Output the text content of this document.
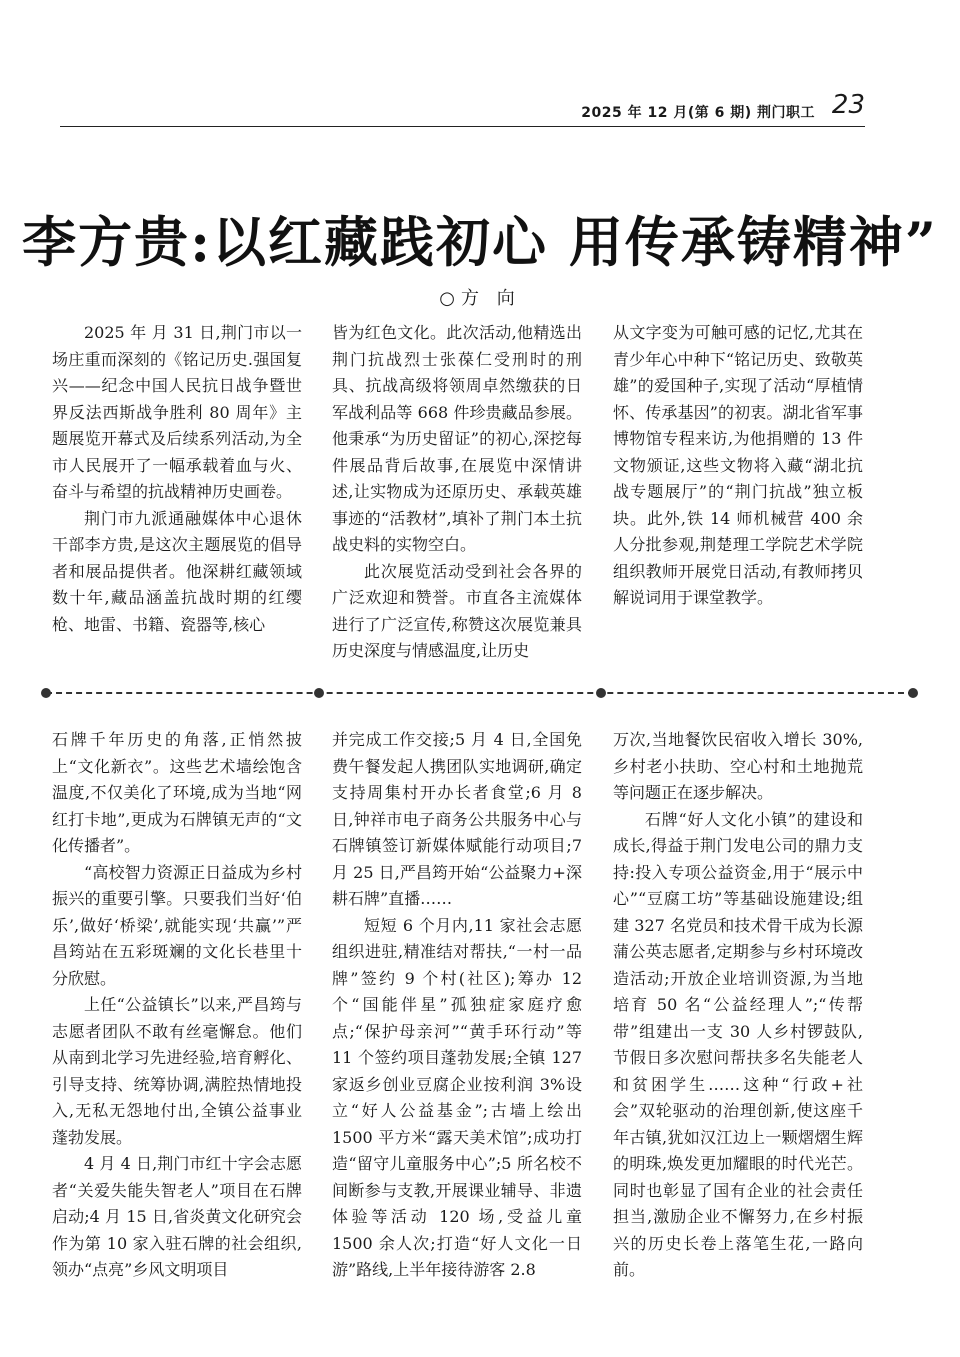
2025 年 12 月(第 6 期) 荆门职工 23
李方贵:以红藏践初心 用传承铸精神”
○方 向

2025 年 月 31 日,荆门市以一场庄重而深刻的《铭记历史.强国复兴——纪念中国人民抗日战争暨世界反法西斯战争胜利 80 周年》主题展览开幕式及后续系列活动,为全市人民展开了一幅承载着血与火、奋斗与希望的抗战精神历史画卷。

荆门市九派通融媒体中心退休干部李方贵,是这次主题展览的倡导者和展品提供者。他深耕红藏领域数十年,藏品涵盖抗战时期的红缨枪、地雷、书籍、瓷器等,核心

皆为红色文化。此次活动,他精选出荆门抗战烈士张葆仁受刑时的刑具、抗战高级将领周卓然缴获的日军战利品等 668 件珍贵藏品参展。他秉承“为历史留证”的初心,深挖每件展品背后故事,在展览中深情讲述,让实物成为还原历史、承载英雄事迹的“活教材”,填补了荆门本土抗战史料的实物空白。

此次展览活动受到社会各界的广泛欢迎和赞誉。市直各主流媒体进行了广泛宣传,称赞这次展览兼具历史深度与情感温度,让历史

从文字变为可触可感的记忆,尤其在青少年心中种下“铭记历史、致敬英雄”的爱国种子,实现了活动“厚植情怀、传承基因”的初衷。湖北省军事博物馆专程来访,为他捐赠的 13 件文物颁证,这些文物将入藏“湖北抗战专题展厅”的“荆门抗战”独立板块。此外,铁 14 师机械营 400 余人分批参观,荆楚理工学院艺术学院组织教师开展党日活动,有教师拷贝解说词用于课堂教学。

石牌千年历史的角落,正悄然披上“文化新衣”。这些艺术墙绘饱含温度,不仅美化了环境,成为当地“网红打卡地”,更成为石牌镇无声的“文化传播者”。

“高校智力资源正日益成为乡村振兴的重要引擎。只要我们当好‘伯乐’,做好‘桥梁’,就能实现‘共赢’”严昌筠站在五彩斑斓的文化长巷里十分欣慰。

上任“公益镇长”以来,严昌筠与志愿者团队不敢有丝毫懈怠。他们从南到北学习先进经验,培育孵化、引导支持、统筹协调,满腔热情地投入,无私无怨地付出,全镇公益事业蓬勃发展。

4 月 4 日,荆门市红十字会志愿者“关爱失能失智老人”项目在石牌启动;4 月 15 日,省炎黄文化研究会作为第 10 家入驻石牌的社会组织,领办“点亮”乡风文明项目

并完成工作交接;5 月 4 日,全国免费午餐发起人携团队实地调研,确定支持周集村开办长者食堂;6 月 8 日,钟祥市电子商务公共服务中心与石牌镇签订新媒体赋能行动项目;7 月 25 日,严昌筠开始“公益聚力+深耕石牌”直播……

短短 6 个月内,11 家社会志愿组织进驻,精准结对帮扶,“一村一品牌”签约 9 个村(社区);筹办 12 个“国能伴星”孤独症家庭疗愈点;“保护母亲河”“黄手环行动”等 11 个签约项目蓬勃发展;全镇 127 家返乡创业豆腐企业按利润 3%设立“好人公益基金”;古墙上绘出 1500 平方米“露天美术馆”;成功打造“留守儿童服务中心”;5 所名校不间断参与支教,开展课业辅导、非遗体验等活动 120 场,受益儿童 1500 余人次;打造“好人文化一日游”路线,上半年接待游客 2.8

万次,当地餐饮民宿收入增长 30%,乡村老小扶助、空心村和土地抛荒等问题正在逐步解决。

石牌“好人文化小镇”的建设和成长,得益于荆门发电公司的鼎力支持:投入专项公益资金,用于“展示中心”“豆腐工坊”等基础设施建设;组建 327 名党员和技术骨干成为长源蒲公英志愿者,定期参与乡村环境改造活动;开放企业培训资源,为当地培育 50 名“公益经理人”;“传帮带”组建出一支 30 人乡村锣鼓队,节假日多次慰问帮扶多名失能老人和贫困学生……这种“行政+社会”双轮驱动的治理创新,使这座千年古镇,犹如汉江边上一颗熠熠生辉的明珠,焕发更加耀眼的时代光芒。同时也彰显了国有企业的社会责任担当,激励企业不懈努力,在乡村振兴的历史长卷上落笔生花,一路向前。
